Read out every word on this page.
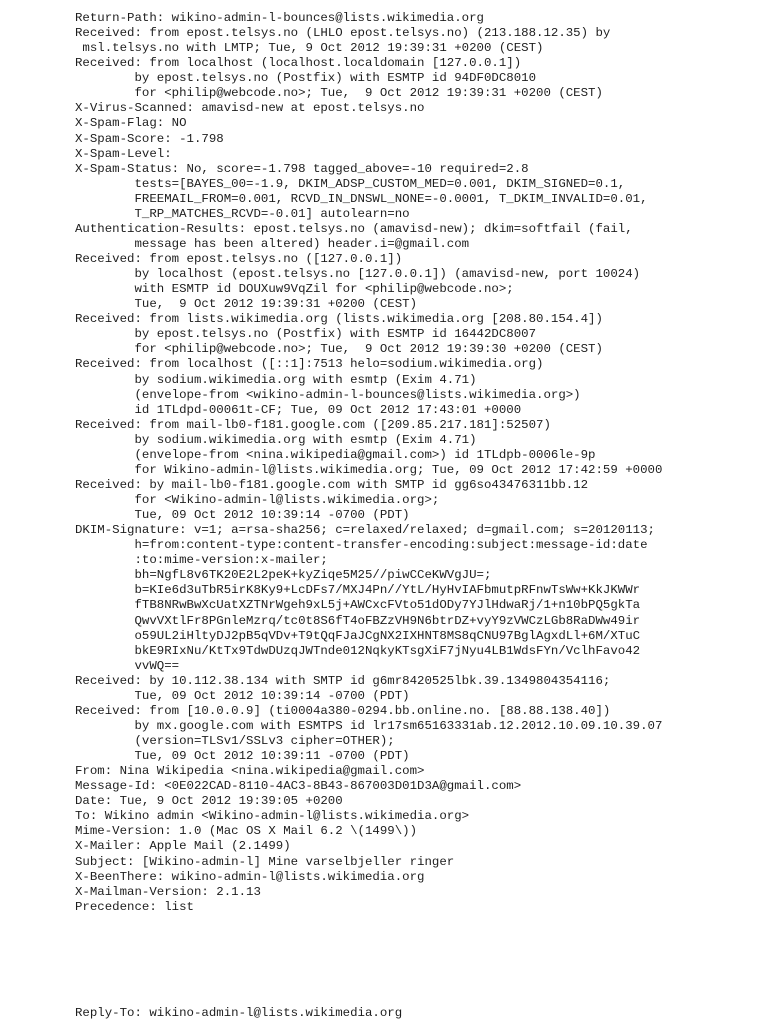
Return-Path: wikino-admin-l-bounces@lists.wikimedia.org
Received: from epost.telsys.no (LHLO epost.telsys.no) (213.188.12.35) by
msl.telsys.no with LMTP; Tue, 9 Oct 2012 19:39:31 +0200 (CEST)
Received: from localhost (localhost.localdomain [127.0.0.1])
by epost.telsys.no (Postfix) with ESMTP id 94DF0DC8010
for <philip@webcode.no>; Tue,  9 Oct 2012 19:39:31 +0200 (CEST)
X-Virus-Scanned: amavisd-new at epost.telsys.no
X-Spam-Flag: NO
X-Spam-Score: -1.798
X-Spam-Level:
X-Spam-Status: No, score=-1.798 tagged_above=-10 required=2.8
tests=[BAYES_00=-1.9, DKIM_ADSP_CUSTOM_MED=0.001, DKIM_SIGNED=0.1,
FREEMAIL_FROM=0.001, RCVD_IN_DNSWL_NONE=-0.0001, T_DKIM_INVALID=0.01,
T_RP_MATCHES_RCVD=-0.01] autolearn=no
Authentication-Results: epost.telsys.no (amavisd-new); dkim=softfail (fail,
message has been altered) header.i=@gmail.com
Received: from epost.telsys.no ([127.0.0.1])
by localhost (epost.telsys.no [127.0.0.1]) (amavisd-new, port 10024)
with ESMTP id DOUXuw9VqZil for <philip@webcode.no>;
Tue,  9 Oct 2012 19:39:31 +0200 (CEST)
Received: from lists.wikimedia.org (lists.wikimedia.org [208.80.154.4])
by epost.telsys.no (Postfix) with ESMTP id 16442DC8007
for <philip@webcode.no>; Tue,  9 Oct 2012 19:39:30 +0200 (CEST)
Received: from localhost ([::1]:7513 helo=sodium.wikimedia.org)
by sodium.wikimedia.org with esmtp (Exim 4.71)
(envelope-from <wikino-admin-l-bounces@lists.wikimedia.org>)
id 1TLdpd-00061t-CF; Tue, 09 Oct 2012 17:43:01 +0000
Received: from mail-lb0-f181.google.com ([209.85.217.181]:52507)
by sodium.wikimedia.org with esmtp (Exim 4.71)
(envelope-from <nina.wikipedia@gmail.com>) id 1TLdpb-0006le-9p
for Wikino-admin-l@lists.wikimedia.org; Tue, 09 Oct 2012 17:42:59 +0000
Received: by mail-lb0-f181.google.com with SMTP id gg6so43476311bb.12
for <Wikino-admin-l@lists.wikimedia.org>;
Tue, 09 Oct 2012 10:39:14 -0700 (PDT)
DKIM-Signature: v=1; a=rsa-sha256; c=relaxed/relaxed; d=gmail.com; s=20120113;
h=from:content-type:content-transfer-encoding:subject:message-id:date
:to:mime-version:x-mailer;
bh=NgfL8v6TK20E2L2peK+kyZiqe5M25//piwCCeKWVgJU=;
b=KIe6d3uTbR5irK8Ky9+LcDFs7/MXJ4Pn//YtL/HyHvIAFbmutpRFnwTsWw+KkJKWWr
fTB8NRwBwXcUatXZTNrWgeh9xL5j+AWCxcFVto51dODy7YJlHdwaRj/1+n10bPQ5gkTa
QwvVXtlFr8PGnleMzrq/tc0t8S6fT4oFBZzVH9N6btrDZ+vyY9zVWCzLGb8RaDWw49ir
o59UL2iHltyDJ2pB5qVDv+T9tQqFJaJCgNX2IXHNT8MS8qCNU97BglAgxdLl+6M/XTuC
bkE9RIxNu/KtTx9TdwDUzqJWTnde012NqkyKTsgXiF7jNyu4LB1WdsFYn/VclhFavo42
vvWQ==
Received: by 10.112.38.134 with SMTP id g6mr8420525lbk.39.1349804354116;
Tue, 09 Oct 2012 10:39:14 -0700 (PDT)
Received: from [10.0.0.9] (ti0004a380-0294.bb.online.no. [88.88.138.40])
by mx.google.com with ESMTPS id lr17sm65163331ab.12.2012.10.09.10.39.07
(version=TLSv1/SSLv3 cipher=OTHER);
Tue, 09 Oct 2012 10:39:11 -0700 (PDT)
From: Nina Wikipedia <nina.wikipedia@gmail.com>
Message-Id: <0E022CAD-8110-4AC3-8B43-867003D01D3A@gmail.com>
Date: Tue, 9 Oct 2012 19:39:05 +0200
To: Wikino admin <Wikino-admin-l@lists.wikimedia.org>
Mime-Version: 1.0 (Mac OS X Mail 6.2 \(1499\))
X-Mailer: Apple Mail (2.1499)
Subject: [Wikino-admin-l] Mine varselbjeller ringer
X-BeenThere: wikino-admin-l@lists.wikimedia.org
X-Mailman-Version: 2.1.13
Precedence: list
Reply-To: wikino-admin-l@lists.wikimedia.org
